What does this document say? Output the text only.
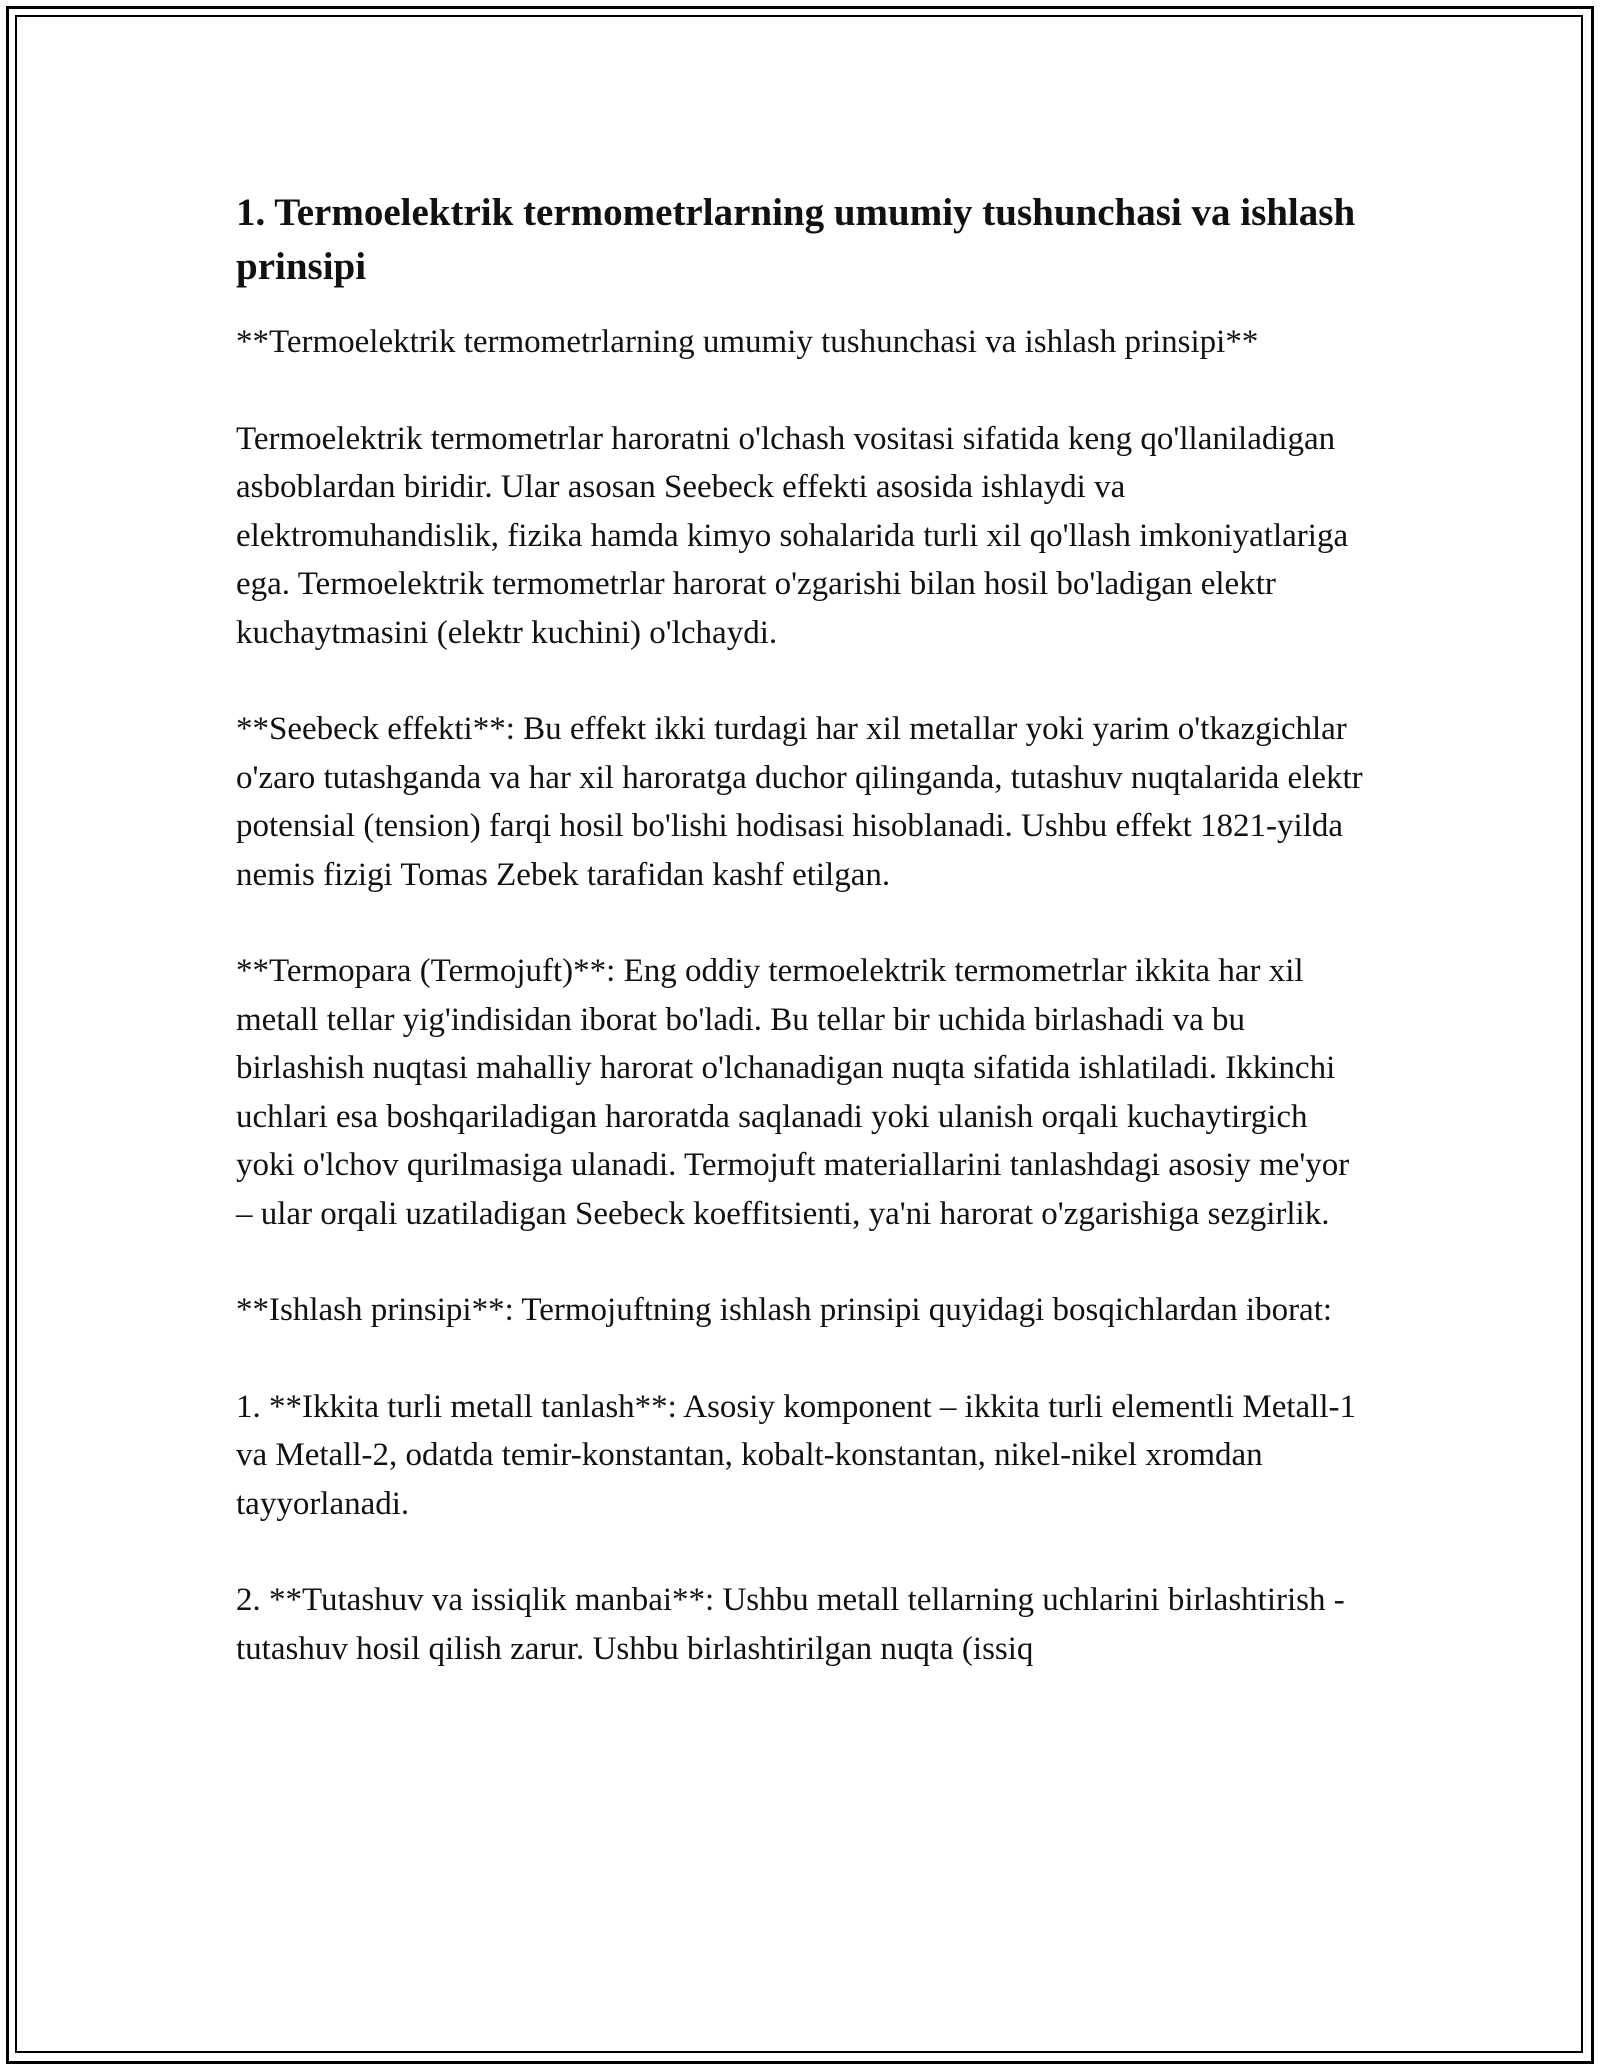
1. Termoelektrik termometrlarning umumiy tushunchasi va ishlash prinsipi

**Termoelektrik termometrlarning umumiy tushunchasi va ishlash prinsipi**

Termoelektrik termometrlar haroratni o'lchash vositasi sifatida keng qo'llaniladigan asboblardan biridir. Ular asosan Seebeck effekti asosida ishlaydi va elektromuhandislik, fizika hamda kimyo sohalarida turli xil qo'llash imkoniyatlariga ega. Termoelektrik termometrlar harorat o'zgarishi bilan hosil bo'ladigan elektr kuchaytmasini (elektr kuchini) o'lchaydi.

**Seebeck effekti**: Bu effekt ikki turdagi har xil metallar yoki yarim o'tkazgichlar o'zaro tutashganda va har xil haroratga duchor qilinganda, tutashuv nuqtalarida elektr potensial (tension) farqi hosil bo'lishi hodisasi hisoblanadi. Ushbu effekt 1821-yilda nemis fizigi Tomas Zebek tarafidan kashf etilgan.

**Termopara (Termojuft)**: Eng oddiy termoelektrik termometrlar ikkita har xil metall tellar yig'indisidan iborat bo'ladi. Bu tellar bir uchida birlashadi va bu birlashish nuqtasi mahalliy harorat o'lchanadigan nuqta sifatida ishlatiladi. Ikkinchi uchlari esa boshqariladigan haroratda saqlanadi yoki ulanish orqali kuchaytirgich yoki o'lchov qurilmasiga ulanadi. Termojuft materiallarini tanlashdagi asosiy me'yor – ular orqali uzatiladigan Seebeck koeffitsienti, ya'ni harorat o'zgarishiga sezgirlik.

**Ishlash prinsipi**: Termojuftning ishlash prinsipi quyidagi bosqichlardan iborat:

1. **Ikkita turli metall tanlash**: Asosiy komponent – ikkita turli elementli Metall-1 va Metall-2, odatda temir-konstantan, kobalt-konstantan, nikel-nikel xromdan tayyorlanadi.

2. **Tutashuv va issiqlik manbai**: Ushbu metall tellarning uchlarini birlashtirish - tutashuv hosil qilish zarur. Ushbu birlashtirilgan nuqta (issiq
